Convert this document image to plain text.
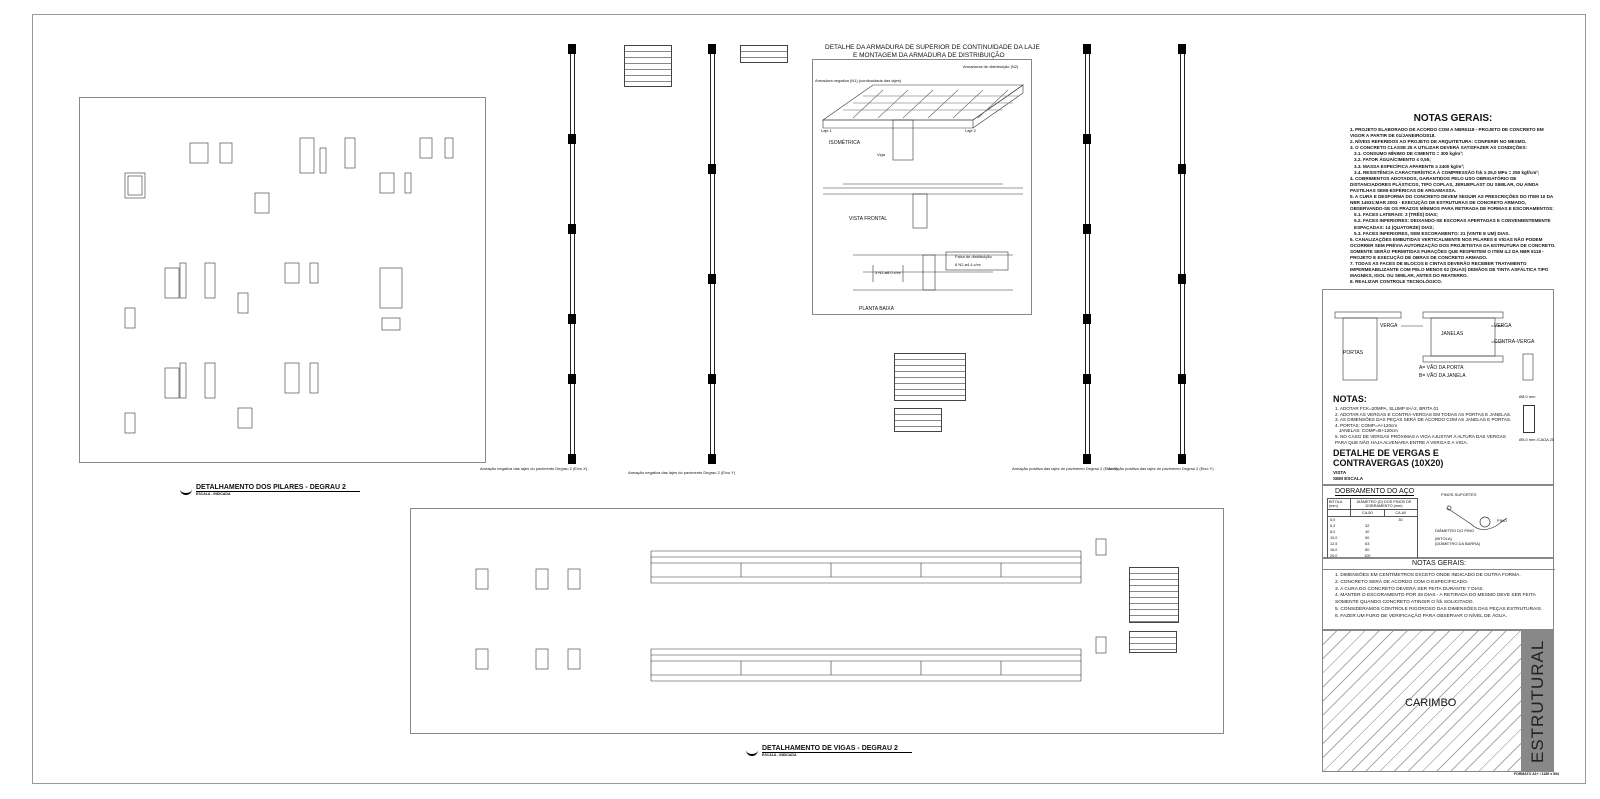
DETALHAMENTO DOS PILARES - DEGRAU 2
ESCALA - INDICADA
Armação negativa das lajes do pavimento Degrau 2 (Eixo X)
Armação negativa das lajes do pavimento Degrau 2 (Eixo Y)
Armação positiva das lajes do pavimento Degrau 2 (Eixo X)
Armação positiva das lajes do pavimento Degrau 2 (Eixo Y)
DETALHE DA ARMADURA DE SUPERIOR DE CONTINUIDADE DA LAJE
E MONTAGEM DA ARMADURA DE DISTRIBUIÇÃO
ISOMÉTRICA
VISTA FRONTAL
PLANTA BAIXA
Laje 1	Laje 2
Viga
Armadura negativa (N1) (continuidade das lajes)
Armaduras de distribuição (N2)
Faixa de distribuição
6 N2 ø4.4 c/xx
3 N1 ø8.0 c/xx
DETALHAMENTO DE VIGAS - DEGRAU 2
ESCALA - INDICADA
NOTAS GERAIS:
1. PROJETO ELABORADO DE ACORDO COM A NBR6118 - PROJETO DE CONCRETO EM VIGOR A PARTIR DE 01/JANEIRO/2018.
2. NÍVEIS REFERIDOS AO PROJETO DE ARQUITETURA: CONFERIR NO MESMO.
3. O CONCRETO CLASSE 25 A UTILIZAR DEVERÁ SATISFAZER AS CONDIÇÕES:
3.1. CONSUMO MÍNIMO DE CIMENTO = 300 kg/m³;
3.2. FATOR ÁGUA/CIMENTO ≤ 0,55;
3.3. MASSA ESPECÍFICA APARENTE ≥ 2400 kg/m³;
3.4. RESISTÊNCIA CARACTERÍSTICA À COMPRESSÃO fck ≥ 25,0 MPa = 250 kgf/cm²;
4. COBRIMENTOS ADOTADOS, GARANTIDOS PELO USO OBRIGATÓRIO DE DISTANCIADORES PLÁSTICOS, TIPO COPLAS, JERUEPLAST OU SIMILAR, OU AINDA PASTILHAS SEMI-ESFÉRICAS DE ARGAMASSA.
5. A CURA E DESFORMA DO CONCRETO DEVEM SEGUIR AS PRESCRIÇÕES DO ITEM 10 DA NBR 14931:MAR 2003 - EXECUÇÃO DE ESTRUTURAS DE CONCRETO ARMADO, OBSERVANDO-SE OS PRAZOS MÍNIMOS PARA RETIRADA DE FORMAS E ESCORAMENTOS:
5.1. FACES LATERAIS: 3 (TRÊS) DIAS;
5.2. FACES INFERIORES: DEIXANDO-SE ESCORAS APERTADAS E CONVENIENTEMENTE ESPAÇADAS: 14 (QUATORZE) DIAS;
5.3. FACES INFERIORES, SEM ESCORAMENTO: 21 (VINTE E UM) DIAS.
6. CANALIZAÇÕES EMBUTIDAS VERTICALMENTE NOS PILARES E VIGAS NÃO PODEM OCORRER SEM PRÉVIA AUTORIZAÇÃO DOS PROJETISTAS DA ESTRUTURA DE CONCRETO. SOMENTE SERÃO PERMITIDAS FURAÇÕES QUE RESPEITEM O ITEM 4.2 DA NBR 6118 - PROJETO E EXECUÇÃO DE OBRAS DE CONCRETO ARMADO.
7. TODAS AS FACES DE BLOCOS E CINTAS DEVERÃO RECEBER TRATAMENTO IMPERMEABILIZANTE COM PELO MENOS 02 (DUAS) DEMÃOS DE TINTA ASFÁLTICA TIPO MAGNIKS, IGOL OU SIMILAR, ANTES DO REATERRO.
8. REALIZAR CONTROLE TECNOLÓGICO.
VERGA	VERGA
JANELAS
PORTAS
CONTRA-VERGA
A= VÃO DA PORTA
B= VÃO DA JANELA
Ø8,0 mm
Ø5,0 mm /CADA 20
NOTAS:
1. ADOTAR FCK=20MPA, SLUMP 8+/-2, BRITA 01
2. ADOTAR AS VERGAS E CONTRA-VERGAS EM TODAS AS PORTAS E JANELAS.
3. AS DIMENSÕES DAS PEÇAS SERÁ DE ACORDO COM AS JANELAS E PORTAS.
4. PORTAS: COMP=A+120cm
JANELAS: COMP=B+120cm
5. NO CASO DE VERGAS PRÓXIMAS A VIGA AJUSTAR A ALTURA DAS VERGAS PARA QUE NÃO HAJA ALVENARIA ENTRE A VERGA E A VIGA.
DETALHE DE VERGAS E CONTRAVERGAS (10X20)
VISTA
SEM ESCALA
DOBRAMENTO DO AÇO
BITOLA (mm)	DIÂMETRO (D) DOS PINOS DE DOBRAMENTO (mm)	
	CA-50	CA-60
5,0		30
6,3	32	
8,0	40	
10,0	50	
12,5	63	
16,0	80	
20,0	100	

PINOS SUPORTES
PINO
DIÂMETRO DO PINO
(BITOLA)
(DIÂMETRO DA BARRA)
NOTAS GERAIS:
1. DIMENSÕES EM CENTÍMETROS EXCETO ONDE INDICADO DE OUTRA FORMA.
2. CONCRETO SERÁ DE ACORDO COM O ESPECIFICADO.
3. A CURA DO CONCRETO DEVERÁ SER FEITA DURANTE 7 DIAS.
4. MANTER O ESCORAMENTO POR 28 DIAS - A RETIRADA DO MESMO DEVE SER FEITA SOMENTE QUANDO CONCRETO ATINGIR O fck SOLICITADO.
5. CONSIDERAMOS CONTROLE RIGOROSO DAS DIMENSÕES DAS PEÇAS ESTRUTURAIS.
6. FAZER UM FURO DE VERIFICAÇÃO PARA OBSERVAR O NÍVEL DE ÁGUA.
CARIMBO	ESTRUTURAL
FORMATO A1+ / 1189 x 594
